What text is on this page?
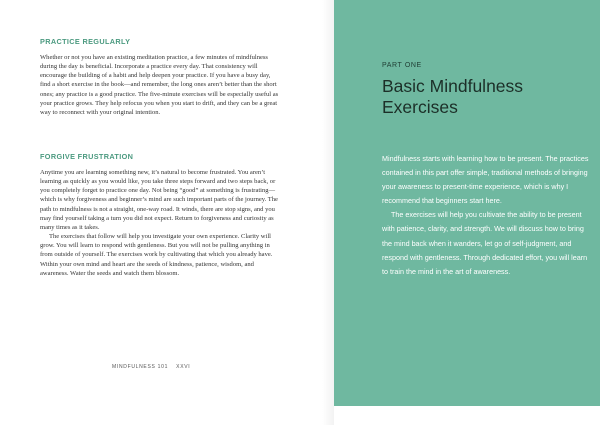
PRACTICE REGULARLY

Whether or not you have an existing meditation practice, a few minutes of mindfulness during the day is beneficial. Incorporate a practice every day. That consistency will encourage the building of a habit and help deepen your practice. If you have a busy day, find a short exercise in the book—and remember, the long ones aren’t better than the short ones; any practice is a good practice. The five-minute exercises will be especially useful as your practice grows. They help refocus you when you start to drift, and they can be a great way to reconnect with your original intention.

FORGIVE FRUSTRATION

Anytime you are learning something new, it’s natural to become frustrated. You aren’t learning as quickly as you would like, you take three steps forward and two steps back, or you completely forget to practice one day. Not being “good” at something is frustrating—which is why forgiveness and beginner’s mind are such important parts of the journey. The path to mindfulness is not a straight, one-way road. It winds, there are stop signs, and you may find yourself taking a turn you did not expect. Return to forgiveness and curiosity as many times as it takes.

The exercises that follow will help you investigate your own experience. Clarity will grow. You will learn to respond with gentleness. But you will not be pulling anything in from outside of yourself. The exercises work by cultivating that which you already have. Within your own mind and heart are the seeds of kindness, patience, wisdom, and awareness. Water the seeds and watch them blossom.

MINDFULNESS 101 XXVI
PART ONE
Basic Mindfulness
Exercises

Mindfulness starts with learning how to be present. The practices contained in this part offer simple, traditional methods of bringing your awareness to present-time experience, which is why I recommend that beginners start here.

The exercises will help you cultivate the ability to be present with patience, clarity, and strength. We will discuss how to bring the mind back when it wanders, let go of self-judgment, and respond with gentleness. Through dedicated effort, you will learn to train the mind in the art of awareness.
